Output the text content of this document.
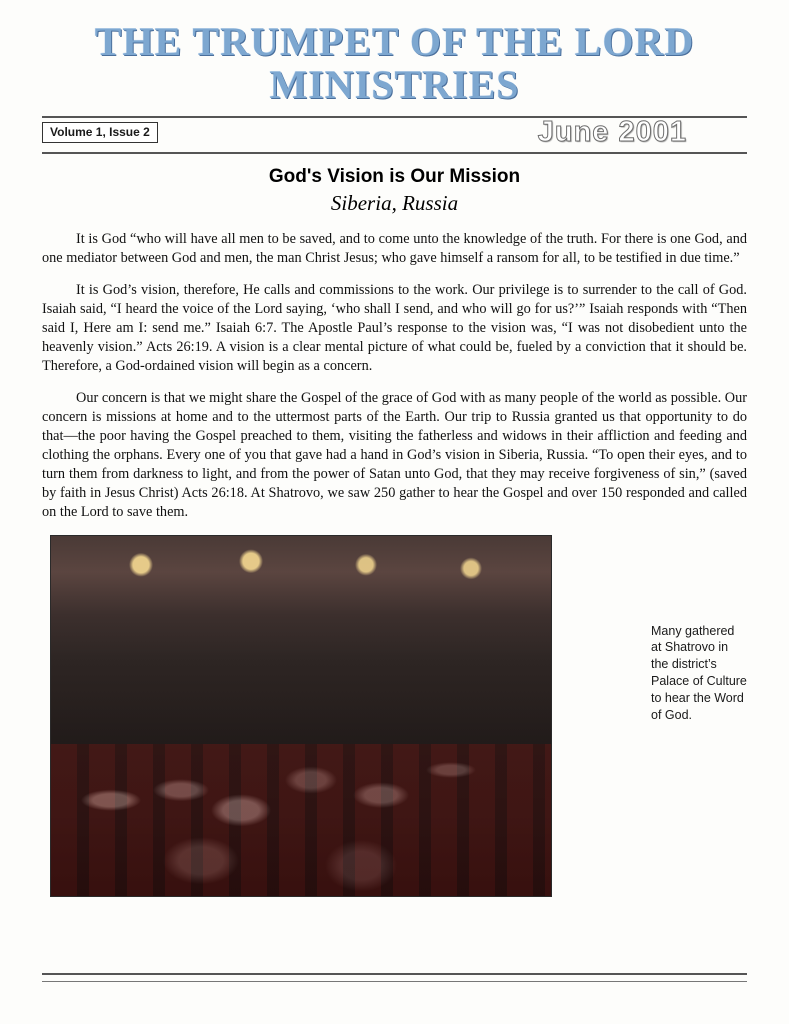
THE TRUMPET OF THE LORD
MINISTRIES
Volume 1, Issue 2	June 2001
God's Vision is Our Mission
Siberia, Russia

It is God “who will have all men to be saved, and to come unto the knowledge of the truth. For there is one God, and one mediator between God and men, the man Christ Jesus; who gave himself a ransom for all, to be testified in due time.”

It is God’s vision, therefore, He calls and commissions to the work. Our privilege is to surrender to the call of God. Isaiah said, “I heard the voice of the Lord saying, ‘who shall I send, and who will go for us?’” Isaiah responds with “Then said I, Here am I: send me.” Isaiah 6:7. The Apostle Paul’s response to the vision was, “I was not disobedient unto the heavenly vision.” Acts 26:19. A vision is a clear mental picture of what could be, fueled by a conviction that it should be. Therefore, a God-ordained vision will begin as a concern.

Our concern is that we might share the Gospel of the grace of God with as many people of the world as possible. Our concern is missions at home and to the uttermost parts of the Earth. Our trip to Russia granted us that opportunity to do that—the poor having the Gospel preached to them, visiting the fatherless and widows in their affliction and feeding and clothing the orphans. Every one of you that gave had a hand in God’s vision in Siberia, Russia. “To open their eyes, and to turn them from darkness to light, and from the power of Satan unto God, that they may receive forgiveness of sin,” (saved by faith in Jesus Christ) Acts 26:18. At Shatrovo, we saw 250 gather to hear the Gospel and over 150 responded and called on the Lord to save them.

Many gathered at Shatrovo in the district’s Palace of Culture to hear the Word of God.
